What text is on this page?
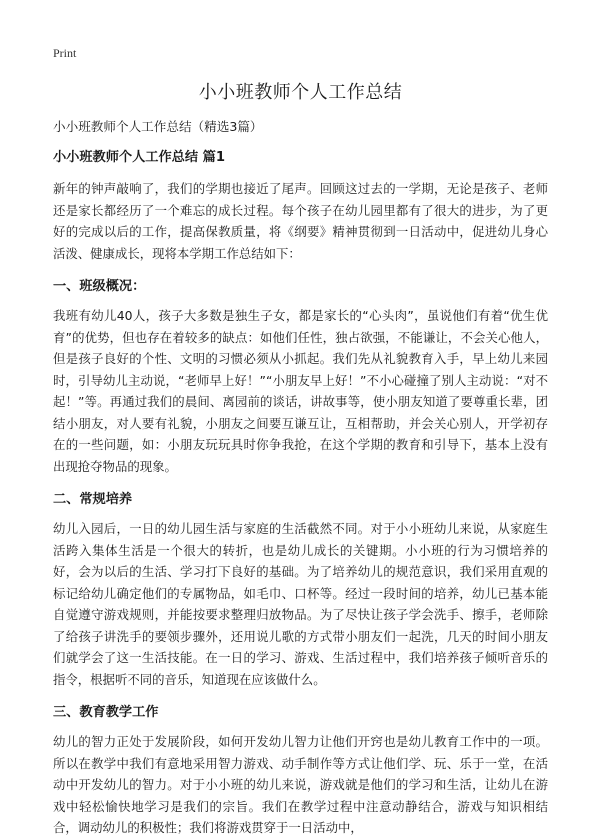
Print
小小班教师个人工作总结
小小班教师个人工作总结（精选3篇）
小小班教师个人工作总结 篇1

新年的钟声敲响了，我们的学期也接近了尾声。回顾这过去的一学期，无论是孩子、老师还是家长都经历了一个难忘的成长过程。每个孩子在幼儿园里都有了很大的进步，为了更好的完成以后的工作，提高保教质量，将《纲要》精神贯彻到一日活动中，促进幼儿身心活泼、健康成长，现将本学期工作总结如下：

一、班级概况：

我班有幼儿40人，孩子大多数是独生子女，都是家长的“心头肉”，虽说他们有着“优生优育”的优势，但也存在着较多的缺点：如他们任性，独占欲强，不能谦让，不会关心他人，但是孩子良好的个性、文明的习惯必须从小抓起。我们先从礼貌教育入手，早上幼儿来园时，引导幼儿主动说，“老师早上好！”“小朋友早上好！”不小心碰撞了别人主动说：“对不起！”等。再通过我们的晨间、离园前的谈话，讲故事等，使小朋友知道了要尊重长辈，团结小朋友，对人要有礼貌，小朋友之间要互谦互让，互相帮助，并会关心别人，开学初存在的一些问题，如：小朋友玩玩具时你争我抢，在这个学期的教育和引导下，基本上没有出现抢夺物品的现象。

二、常规培养

幼儿入园后，一日的幼儿园生活与家庭的生活截然不同。对于小小班幼儿来说，从家庭生活跨入集体生活是一个很大的转折，也是幼儿成长的关键期。小小班的行为习惯培养的好，会为以后的生活、学习打下良好的基础。为了培养幼儿的规范意识，我们采用直观的标记给幼儿确定他们的专属物品，如毛巾、口杯等。经过一段时间的培养，幼儿已基本能自觉遵守游戏规则，并能按要求整理归放物品。为了尽快让孩子学会洗手、擦手，老师除了给孩子讲洗手的要领步骤外，还用说儿歌的方式带小朋友们一起洗，几天的时间小朋友们就学会了这一生活技能。在一日的学习、游戏、生活过程中，我们培养孩子倾听音乐的指令，根据听不同的音乐，知道现在应该做什么。

三、教育教学工作

幼儿的智力正处于发展阶段，如何开发幼儿智力让他们开窍也是幼儿教育工作中的一项。所以在教学中我们有意地采用智力游戏、动手制作等方式让他们学、玩、乐于一堂，在活动中开发幼儿的智力。对于小小班的幼儿来说，游戏就是他们的学习和生活，让幼儿在游戏中轻松愉快地学习是我们的宗旨。我们在教学过程中注意动静结合，游戏与知识相结合，调动幼儿的积极性；我们将游戏贯穿于一日活动中，
